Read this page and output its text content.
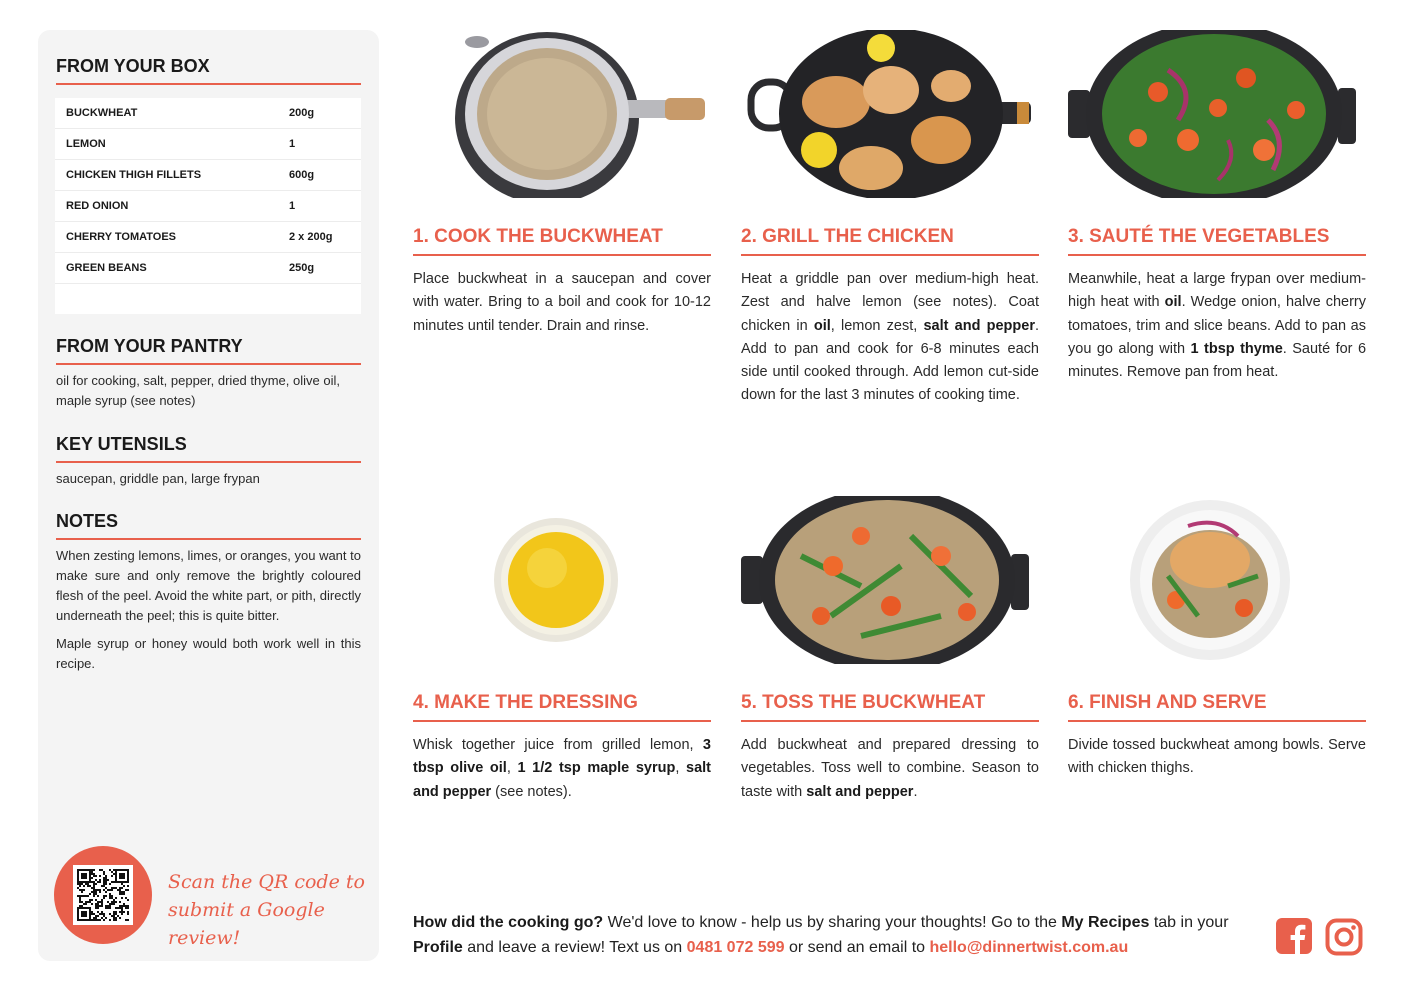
FROM YOUR BOX
BUCKWHEAT	200g
LEMON	1
CHICKEN THIGH FILLETS	600g
RED ONION	1
CHERRY TOMATOES	2 x 200g
GREEN BEANS	250g
FROM YOUR PANTRY
oil for cooking, salt, pepper, dried thyme, olive oil, maple syrup (see notes)
KEY UTENSILS
saucepan, griddle pan, large frypan
NOTES

When zesting lemons, limes, or oranges, you want to make sure and only remove the brightly coloured flesh of the peel. Avoid the white part, or pith, directly underneath the peel; this is quite bitter.

Maple syrup or honey would both work well in this recipe.

Scan the QR code to
submit a Google review!
1. COOK THE BUCKWHEAT
Place buckwheat in a saucepan and cover with water. Bring to a boil and cook for 10-12 minutes until tender. Drain and rinse.
2. GRILL THE CHICKEN
Heat a griddle pan over medium-high heat. Zest and halve lemon (see notes). Coat chicken in oil, lemon zest, salt and pepper. Add to pan and cook for 6-8 minutes each side until cooked through. Add lemon cut-side down for the last 3 minutes of cooking time.
3. SAUTÉ THE VEGETABLES
Meanwhile, heat a large frypan over medium-high heat with oil. Wedge onion, halve cherry tomatoes, trim and slice beans. Add to pan as you go along with 1 tbsp thyme. Sauté for 6 minutes. Remove pan from heat.
4. MAKE THE DRESSING
Whisk together juice from grilled lemon, 3 tbsp olive oil, 1 1/2 tsp maple syrup, salt and pepper (see notes).
5. TOSS THE BUCKWHEAT
Add buckwheat and prepared dressing to vegetables. Toss well to combine. Season to taste with salt and pepper.
6. FINISH AND SERVE
Divide tossed buckwheat among bowls. Serve with chicken thighs.
How did the cooking go? We'd love to know - help us by sharing your thoughts! Go to the My Recipes tab in your Profile and leave a review! Text us on 0481 072 599 or send an email to hello@dinnertwist.com.au
